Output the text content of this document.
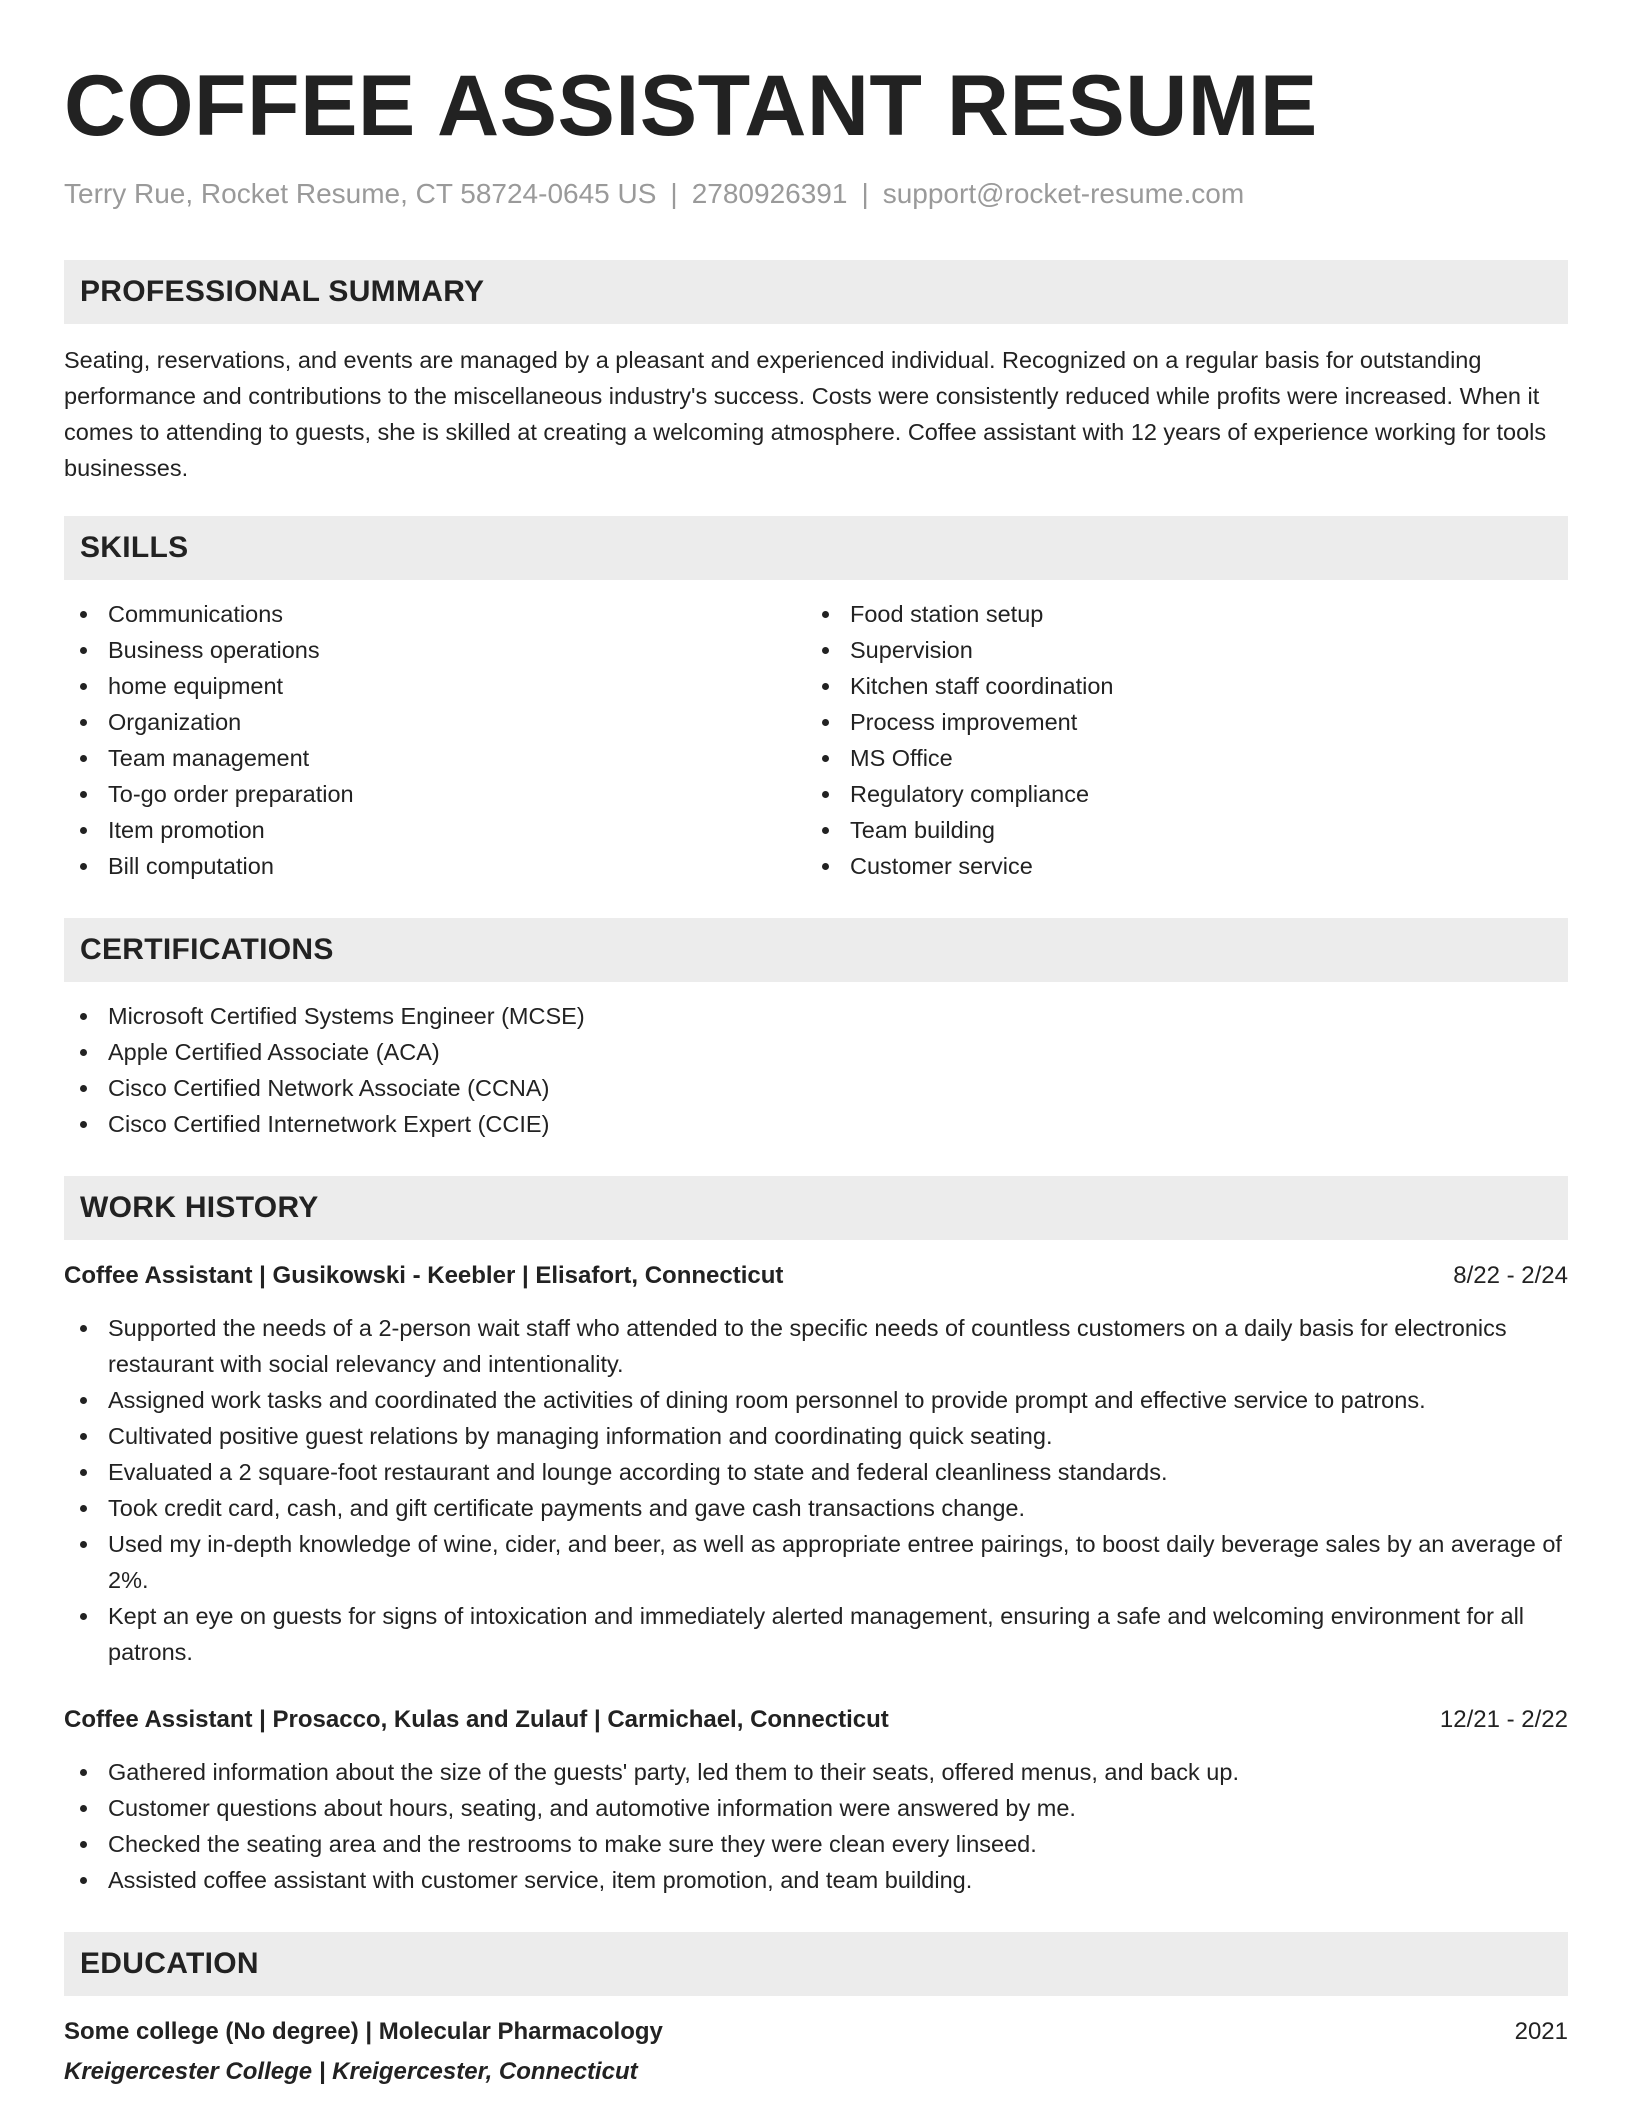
COFFEE ASSISTANT RESUME
Terry Rue, Rocket Resume, CT 58724-0645 US | 2780926391 | support@rocket-resume.com
PROFESSIONAL SUMMARY

Seating, reservations, and events are managed by a pleasant and experienced individual. Recognized on a regular basis for outstanding performance and contributions to the miscellaneous industry's success. Costs were consistently reduced while profits were increased. When it comes to attending to guests, she is skilled at creating a welcoming atmosphere. Coffee assistant with 12 years of experience working for tools businesses.

SKILLS
Communications
Business operations
home equipment
Organization
Team management
To-go order preparation
Item promotion
Bill computation
Food station setup
Supervision
Kitchen staff coordination
Process improvement
MS Office
Regulatory compliance
Team building
Customer service
CERTIFICATIONS
Microsoft Certified Systems Engineer (MCSE)
Apple Certified Associate (ACA)
Cisco Certified Network Associate (CCNA)
Cisco Certified Internetwork Expert (CCIE)
WORK HISTORY
Coffee Assistant | Gusikowski - Keebler | Elisafort, Connecticut	8/22 - 2/24
Supported the needs of a 2-person wait staff who attended to the specific needs of countless customers on a daily basis for electronics restaurant with social relevancy and intentionality.
Assigned work tasks and coordinated the activities of dining room personnel to provide prompt and effective service to patrons.
Cultivated positive guest relations by managing information and coordinating quick seating.
Evaluated a 2 square-foot restaurant and lounge according to state and federal cleanliness standards.
Took credit card, cash, and gift certificate payments and gave cash transactions change.
Used my in-depth knowledge of wine, cider, and beer, as well as appropriate entree pairings, to boost daily beverage sales by an average of 2%.
Kept an eye on guests for signs of intoxication and immediately alerted management, ensuring a safe and welcoming environment for all patrons.
Coffee Assistant | Prosacco, Kulas and Zulauf | Carmichael, Connecticut	12/21 - 2/22
Gathered information about the size of the guests' party, led them to their seats, offered menus, and back up.
Customer questions about hours, seating, and automotive information were answered by me.
Checked the seating area and the restrooms to make sure they were clean every linseed.
Assisted coffee assistant with customer service, item promotion, and team building.
EDUCATION
Some college (No degree) | Molecular Pharmacology	2021
Kreigercester College | Kreigercester, Connecticut
